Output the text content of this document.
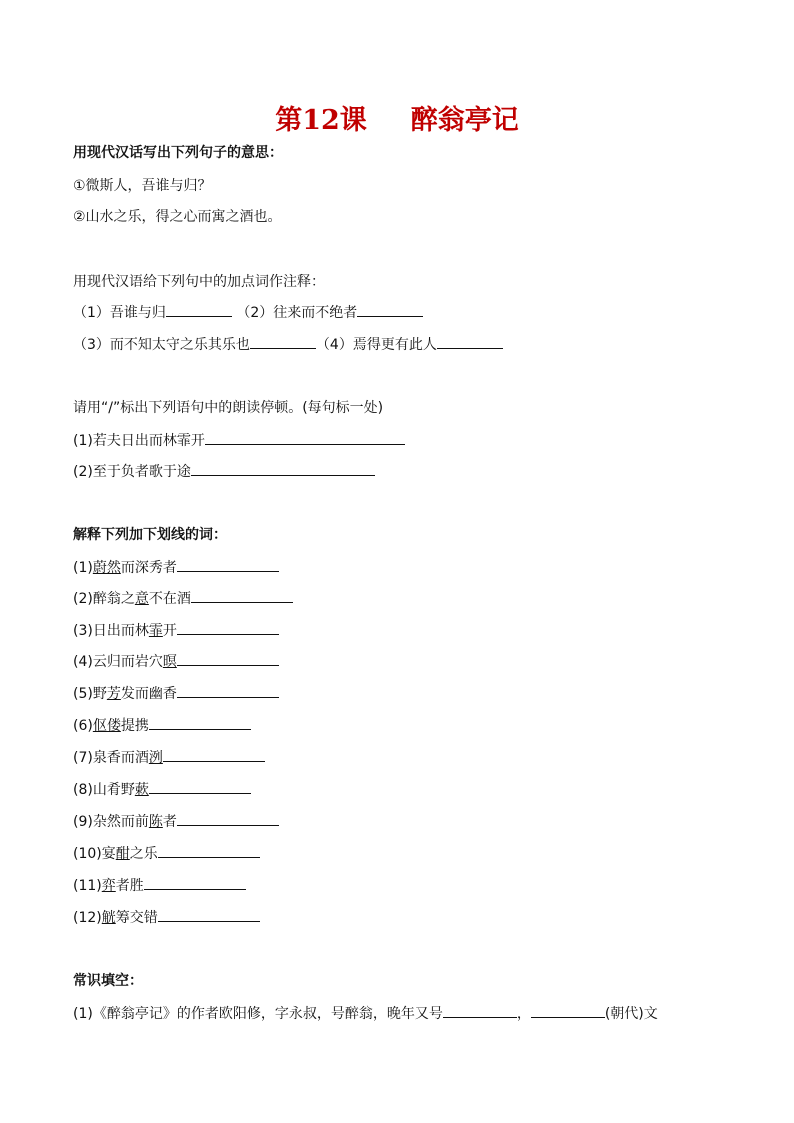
第12课 醉翁亭记
用现代汉话写出下列句子的意思：
①微斯人，吾谁与归？
②山水之乐，得之心而寓之酒也。
用现代汉语给下列句中的加点词作注释：
（1）吾谁与归	（2）往来而不绝者
（3）而不知太守之乐其乐也	（4）焉得更有此人
请用“/”标出下列语句中的朗读停顿。(每句标一处)
(1)若夫日出而林霏开
(2)至于负者歌于途
解释下列加下划线的词：
(1)蔚然而深秀者
(2)醉翁之意不在酒
(3)日出而林霏开
(4)云归而岩穴暝
(5)野芳发而幽香
(6)伛偻提携
(7)泉香而酒洌
(8)山肴野蔌
(9)杂然而前陈者
(10)宴酣之乐
(11)弈者胜
(12)觥筹交错
常识填空：
(1)《醉翁亭记》的作者欧阳修，字永叔，号醉翁，晚年又号	，	(朝代)文
